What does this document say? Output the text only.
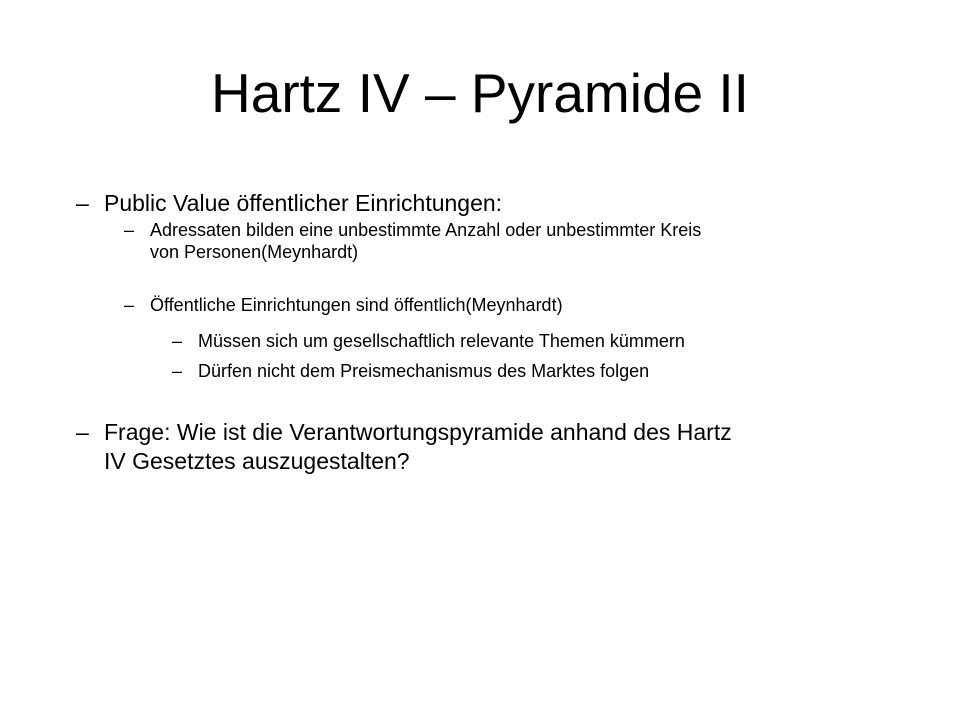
Hartz IV – Pyramide II
– Public Value öffentlicher Einrichtungen:
– Adressaten bilden eine unbestimmte Anzahl oder unbestimmter Kreis
von Personen(Meynhardt)
– Öffentliche Einrichtungen sind öffentlich(Meynhardt)
– Müssen sich um gesellschaftlich relevante Themen kümmern
– Dürfen nicht dem Preismechanismus des Marktes folgen
– Frage: Wie ist die Verantwortungspyramide anhand des Hartz
IV Gesetztes auszugestalten?
